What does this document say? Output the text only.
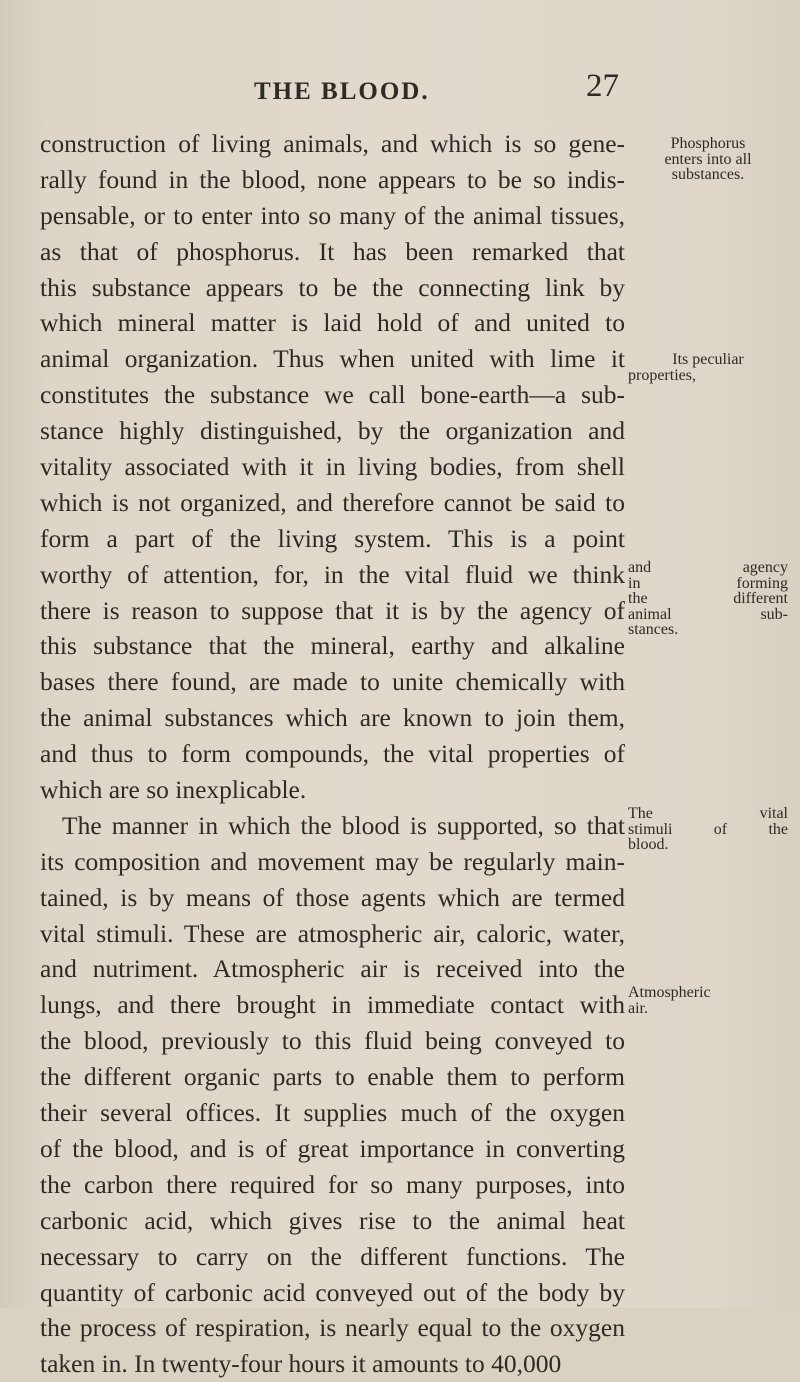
THE BLOOD.	27
construction of living animals, and which is so gene-
rally found in the blood, none appears to be so indis-
pensable, or to enter into so many of the animal tissues,
as that of phosphorus. It has been remarked that
this substance appears to be the connecting link by
which mineral matter is laid hold of and united to
animal organization. Thus when united with lime it
constitutes the substance we call bone-earth—a sub-
stance highly distinguished, by the organization and
vitality associated with it in living bodies, from shell
which is not organized, and therefore cannot be said to
form a part of the living system. This is a point
worthy of attention, for, in the vital fluid we think
there is reason to suppose that it is by the agency of
this substance that the mineral, earthy and alkaline
bases there found, are made to unite chemically with
the animal substances which are known to join them,
and thus to form compounds, the vital properties of
which are so inexplicable.
The manner in which the blood is supported, so that
its composition and movement may be regularly main-
tained, is by means of those agents which are termed
vital stimuli. These are atmospheric air, caloric, water,
and nutriment. Atmospheric air is received into the
lungs, and there brought in immediate contact with
the blood, previously to this fluid being conveyed to
the different organic parts to enable them to perform
their several offices. It supplies much of the oxygen
of the blood, and is of great importance in converting
the carbon there required for so many purposes, into
carbonic acid, which gives rise to the animal heat
necessary to carry on the different functions. The
quantity of carbonic acid conveyed out of the body by
the process of respiration, is nearly equal to the oxygen
taken in. In twenty-four hours it amounts to 40,000
Phosphorus
enters into all
substances.
Its peculiar
properties,
and agency
in forming
the different
animal sub-
stances.
The vital
stimuli of the
blood.
Atmospheric
air.
